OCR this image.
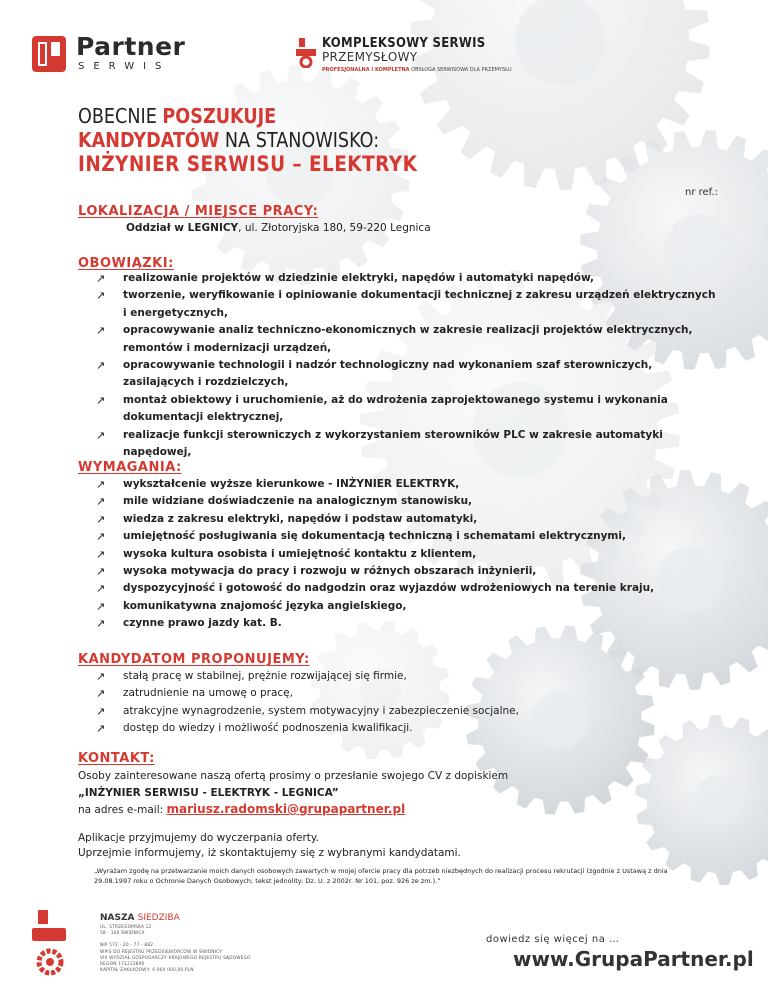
Partner
SERWIS
KOMPLEKSOWY SERWIS
PRZEMYSŁOWY
PROFESJONALNA I KOMPLETNA OBSŁUGA SERWISOWA DLA PRZEMYSŁU
OBECNIE POSZUKUJE
KANDYDATÓW NA STANOWISKO:
INŻYNIER SERWISU – ELEKTRYK
nr ref.:
LOKALIZACJA / MIEJSCE PRACY:
Oddział w LEGNICY, ul. Złotoryjska 180, 59-220 Legnica
OBOWIĄZKI:
↗ realizowanie projektów w dziedzinie elektryki, napędów i automatyki napędów,
↗ tworzenie, weryfikowanie i opiniowanie dokumentacji technicznej z zakresu urządzeń elektrycznych i energetycznych,
↗ opracowywanie analiz techniczno-ekonomicznych w zakresie realizacji projektów elektrycznych, remontów i modernizacji urządzeń,
↗ opracowywanie technologii i nadzór technologiczny nad wykonaniem szaf sterowniczych, zasilających i rozdzielczych,
↗ montaż obiektowy i uruchomienie, aż do wdrożenia zaprojektowanego systemu i wykonania dokumentacji elektrycznej,
↗ realizacje funkcji sterowniczych z wykorzystaniem sterowników PLC w zakresie automatyki napędowej,
WYMAGANIA:
↗ wykształcenie wyższe kierunkowe - INŻYNIER ELEKTRYK,
↗ mile widziane doświadczenie na analogicznym stanowisku,
↗ wiedza z zakresu elektryki, napędów i podstaw automatyki,
↗ umiejętność posługiwania się dokumentacją techniczną i schematami elektrycznymi,
↗ wysoka kultura osobista i umiejętność kontaktu z klientem,
↗ wysoka motywacja do pracy i rozwoju w różnych obszarach inżynierii,
↗ dyspozycyjność i gotowość do nadgodzin oraz wyjazdów wdrożeniowych na terenie kraju,
↗ komunikatywna znajomość języka angielskiego,
↗ czynne prawo jazdy kat. B.
KANDYDATOM PROPONUJEMY:
↗ stałą pracę w stabilnej, prężnie rozwijającej się firmie,
↗ zatrudnienie na umowę o pracę,
↗ atrakcyjne wynagrodzenie, system motywacyjny i zabezpieczenie socjalne,
↗ dostęp do wiedzy i możliwość podnoszenia kwalifikacji.
KONTAKT:
Osoby zainteresowane naszą ofertą prosimy o przesłanie swojego CV z dopiskiem
„INŻYNIER SERWISU - ELEKTRYK - LEGNICA”
na adres e-mail: mariusz.radomski@grupapartner.pl
Aplikacje przyjmujemy do wyczerpania oferty.
Uprzejmie informujemy, iż skontaktujemy się z wybranymi kandydatami.
„Wyrażam zgodę na przetwarzanie moich danych osobowych zawartych w mojej ofercie pracy dla potrzeb niezbędnych do realizacji procesu rekrutacji (zgodnie z Ustawą z dnia 29.08.1997 roku o Ochronie Danych Osobowych; tekst jednolity: Dz. U. z 2002r. Nr 101, poz. 926 ze zm.).”
NASZA SIEDZIBA
UL. STRZEGOMSKA 12
58 - 100 ŚWIDNICA
NIP 572 - 20 - 77 - 882
WPIS DO REJESTRU PRZEDSIĘBIORCÓW W ŚWIDNICY
VIII WYDZIAŁ GOSPODARCZY KRAJOWEGO REJESTRU SĄDOWEGO
REGON 171212890
KAPITAŁ ZAKŁADOWY: 9 000 000,00 PLN
dowiedz się więcej na …
www.GrupaPartner.pl
